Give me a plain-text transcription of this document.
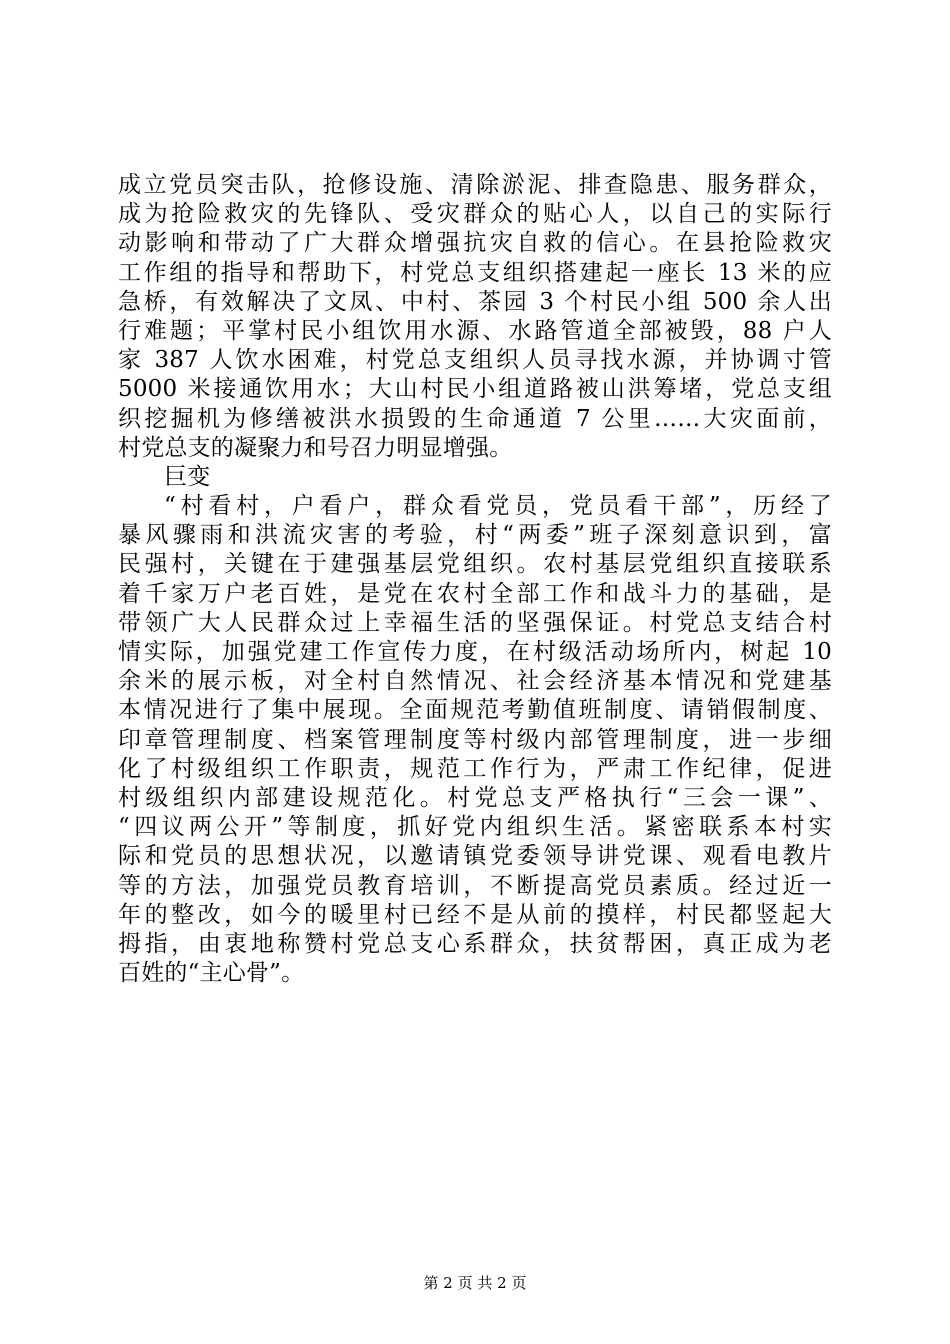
成立党员突击队，抢修设施、清除淤泥、排查隐患、服务群众，
成为抢险救灾的先锋队、受灾群众的贴心人，以自己的实际行
动影响和带动了广大群众增强抗灾自救的信心。在县抢险救灾
工作组的指导和帮助下，村党总支组织搭建起一座长 13 米的应
急桥，有效解决了文凤、中村、茶园 3 个村民小组 500 余人出
行难题；平掌村民小组饮用水源、水路管道全部被毁，88 户人
家 387 人饮水困难，村党总支组织人员寻找水源，并协调寸管
5000 米接通饮用水；大山村民小组道路被山洪筹堵，党总支组
织挖掘机为修缮被洪水损毁的生命通道 7 公里……大灾面前，
村党总支的凝聚力和号召力明显增强。
巨变
“村看村，户看户，群众看党员，党员看干部”，历经了
暴风骤雨和洪流灾害的考验，村“两委”班子深刻意识到，富
民强村，关键在于建强基层党组织。农村基层党组织直接联系
着千家万户老百姓，是党在农村全部工作和战斗力的基础，是
带领广大人民群众过上幸福生活的坚强保证。村党总支结合村
情实际，加强党建工作宣传力度，在村级活动场所内，树起 10
余米的展示板，对全村自然情况、社会经济基本情况和党建基
本情况进行了集中展现。全面规范考勤值班制度、请销假制度、
印章管理制度、档案管理制度等村级内部管理制度，进一步细
化了村级组织工作职责，规范工作行为，严肃工作纪律，促进
村级组织内部建设规范化。村党总支严格执行“三会一课”、
“四议两公开”等制度，抓好党内组织生活。紧密联系本村实
际和党员的思想状况，以邀请镇党委领导讲党课、观看电教片
等的方法，加强党员教育培训，不断提高党员素质。经过近一
年的整改，如今的暖里村已经不是从前的摸样，村民都竖起大
拇指，由衷地称赞村党总支心系群众，扶贫帮困，真正成为老
百姓的“主心骨”。
第 2 页 共 2 页
